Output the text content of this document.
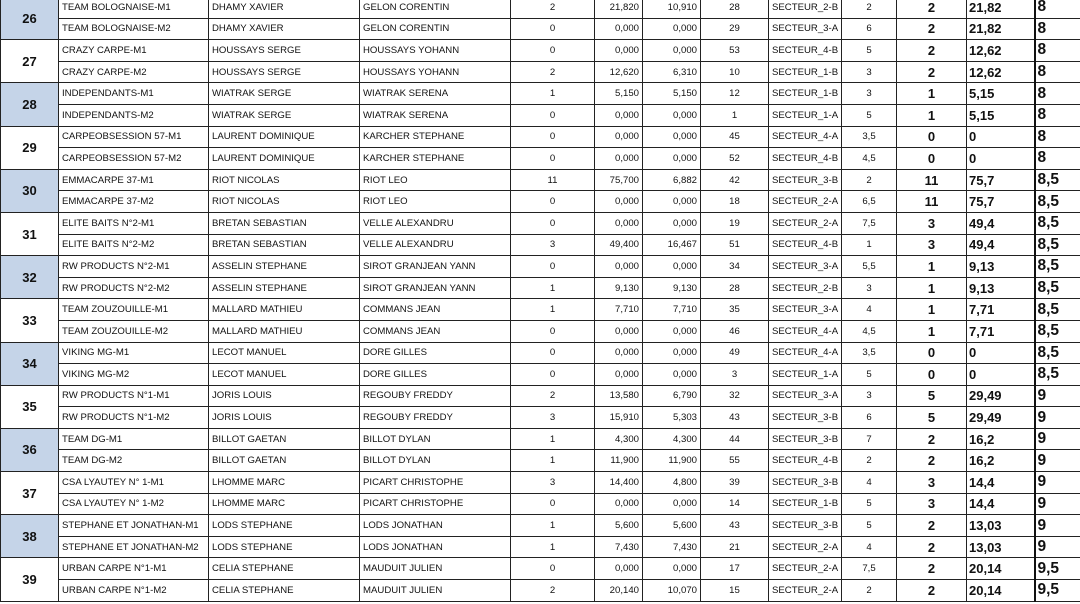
26	TEAM BOLOGNAISE-M1	DHAMY XAVIER	GELON CORENTIN	2	21,820	10,910	28	SECTEUR_2-B	2	2	21,82	8
	TEAM BOLOGNAISE-M2	DHAMY XAVIER	GELON CORENTIN	0	0,000	0,000	29	SECTEUR_3-A	6	2	21,82	8
27	CRAZY CARPE-M1	HOUSSAYS SERGE	HOUSSAYS YOHANN	0	0,000	0,000	53	SECTEUR_4-B	5	2	12,62	8
	CRAZY CARPE-M2	HOUSSAYS SERGE	HOUSSAYS YOHANN	2	12,620	6,310	10	SECTEUR_1-B	3	2	12,62	8
28	INDEPENDANTS-M1	WIATRAK SERGE	WIATRAK SERENA	1	5,150	5,150	12	SECTEUR_1-B	3	1	5,15	8
	INDEPENDANTS-M2	WIATRAK SERGE	WIATRAK SERENA	0	0,000	0,000	1	SECTEUR_1-A	5	1	5,15	8
29	CARPEOBSESSION 57-M1	LAURENT DOMINIQUE	KARCHER STEPHANE	0	0,000	0,000	45	SECTEUR_4-A	3,5	0	0	8
	CARPEOBSESSION 57-M2	LAURENT DOMINIQUE	KARCHER STEPHANE	0	0,000	0,000	52	SECTEUR_4-B	4,5	0	0	8
30	EMMACARPE 37-M1	RIOT NICOLAS	RIOT LEO	11	75,700	6,882	42	SECTEUR_3-B	2	11	75,7	8,5
	EMMACARPE 37-M2	RIOT NICOLAS	RIOT LEO	0	0,000	0,000	18	SECTEUR_2-A	6,5	11	75,7	8,5
31	ELITE BAITS N°2-M1	BRETAN SEBASTIAN	VELLE ALEXANDRU	0	0,000	0,000	19	SECTEUR_2-A	7,5	3	49,4	8,5
	ELITE BAITS N°2-M2	BRETAN SEBASTIAN	VELLE ALEXANDRU	3	49,400	16,467	51	SECTEUR_4-B	1	3	49,4	8,5
32	RW PRODUCTS N°2-M1	ASSELIN STEPHANE	SIROT GRANJEAN YANN	0	0,000	0,000	34	SECTEUR_3-A	5,5	1	9,13	8,5
	RW PRODUCTS N°2-M2	ASSELIN STEPHANE	SIROT GRANJEAN YANN	1	9,130	9,130	28	SECTEUR_2-B	3	1	9,13	8,5
33	TEAM ZOUZOUILLE-M1	MALLARD MATHIEU	COMMANS JEAN	1	7,710	7,710	35	SECTEUR_3-A	4	1	7,71	8,5
	TEAM ZOUZOUILLE-M2	MALLARD MATHIEU	COMMANS JEAN	0	0,000	0,000	46	SECTEUR_4-A	4,5	1	7,71	8,5
34	VIKING MG-M1	LECOT MANUEL	DORE GILLES	0	0,000	0,000	49	SECTEUR_4-A	3,5	0	0	8,5
	VIKING MG-M2	LECOT MANUEL	DORE GILLES	0	0,000	0,000	3	SECTEUR_1-A	5	0	0	8,5
35	RW PRODUCTS N°1-M1	JORIS LOUIS	REGOUBY FREDDY	2	13,580	6,790	32	SECTEUR_3-A	3	5	29,49	9
	RW PRODUCTS N°1-M2	JORIS LOUIS	REGOUBY FREDDY	3	15,910	5,303	43	SECTEUR_3-B	6	5	29,49	9
36	TEAM DG-M1	BILLOT GAETAN	BILLOT DYLAN	1	4,300	4,300	44	SECTEUR_3-B	7	2	16,2	9
	TEAM DG-M2	BILLOT GAETAN	BILLOT DYLAN	1	11,900	11,900	55	SECTEUR_4-B	2	2	16,2	9
37	CSA LYAUTEY N° 1-M1	LHOMME MARC	PICART CHRISTOPHE	3	14,400	4,800	39	SECTEUR_3-B	4	3	14,4	9
	CSA LYAUTEY N° 1-M2	LHOMME MARC	PICART CHRISTOPHE	0	0,000	0,000	14	SECTEUR_1-B	5	3	14,4	9
38	STEPHANE ET JONATHAN-M1	LODS STEPHANE	LODS JONATHAN	1	5,600	5,600	43	SECTEUR_3-B	5	2	13,03	9
	STEPHANE ET JONATHAN-M2	LODS STEPHANE	LODS JONATHAN	1	7,430	7,430	21	SECTEUR_2-A	4	2	13,03	9
39	URBAN CARPE N°1-M1	CELIA STEPHANE	MAUDUIT JULIEN	0	0,000	0,000	17	SECTEUR_2-A	7,5	2	20,14	9,5
	URBAN CARPE N°1-M2	CELIA STEPHANE	MAUDUIT JULIEN	2	20,140	10,070	15	SECTEUR_2-A	2	2	20,14	9,5
